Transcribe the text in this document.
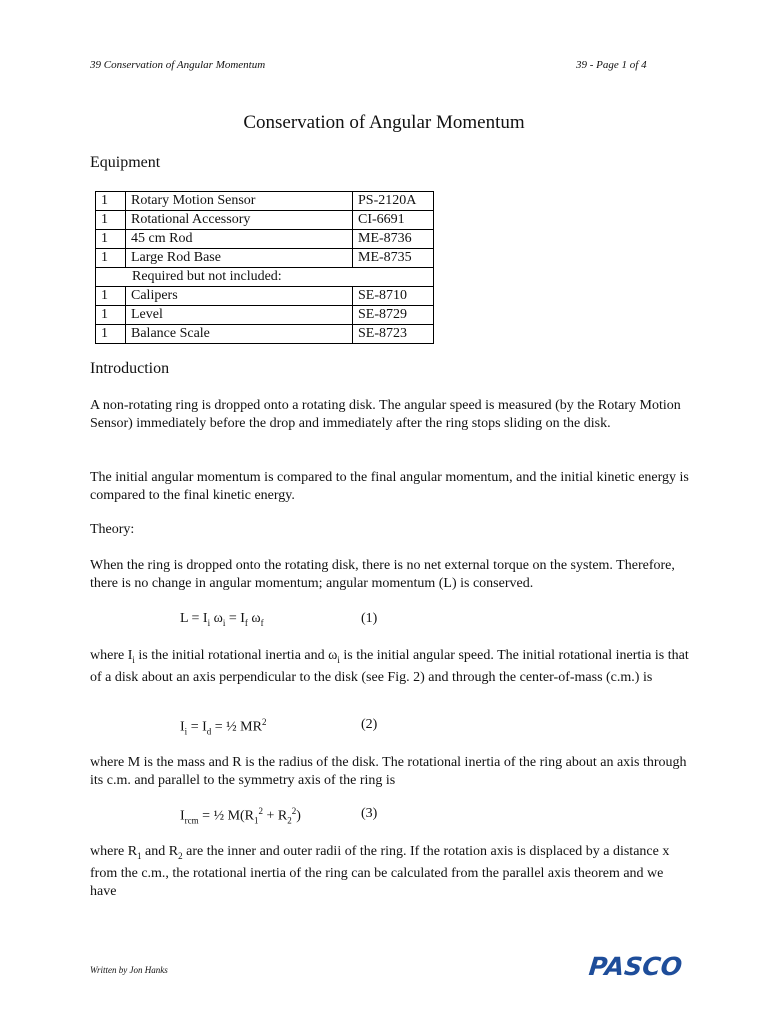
39 Conservation of Angular Momentum	39 - Page 1 of 4
Conservation of Angular Momentum
Equipment
1	Rotary Motion Sensor	PS-2120A
1	Rotational Accessory	CI-6691
1	45 cm Rod	ME-8736
1	Large Rod Base	ME-8735
Required but not included:		
1	Calipers	SE-8710
1	Level	SE-8729
1	Balance Scale	SE-8723
Introduction

A non-rotating ring is dropped onto a rotating disk. The angular speed is measured (by the Rotary Motion Sensor) immediately before the drop and immediately after the ring stops sliding on the disk.

The initial angular momentum is compared to the final angular momentum, and the initial kinetic energy is compared to the final kinetic energy.

Theory:

When the ring is dropped onto the rotating disk, there is no net external torque on the system. Therefore, there is no change in angular momentum; angular momentum (L) is conserved.

$L = I_i$ $\omega_i = I_f$ $\omega_f$	(1)

where $I_i$ is the initial rotational inertia and $\omega_i$ is the initial angular speed. The initial rotational inertia is that of a disk about an axis perpendicular to the disk (see Fig. 2) and through the center-of-mass (c.m.) is

$I_i = I_d$ = ½ $MR^2$	(2)

where M is the mass and R is the radius of the disk. The rotational inertia of the ring about an axis through its c.m. and parallel to the symmetry axis of the ring is

$I_{rcm}$ = ½ $M(R_1^2 + R_2^2)$	(3)

where $R_1$ and $R_2$ are the inner and outer radii of the ring. If the rotation axis is displaced by a distance x from the c.m., the rotational inertia of the ring can be calculated from the parallel axis theorem and we have

Written by Jon Hanks	PASCO
